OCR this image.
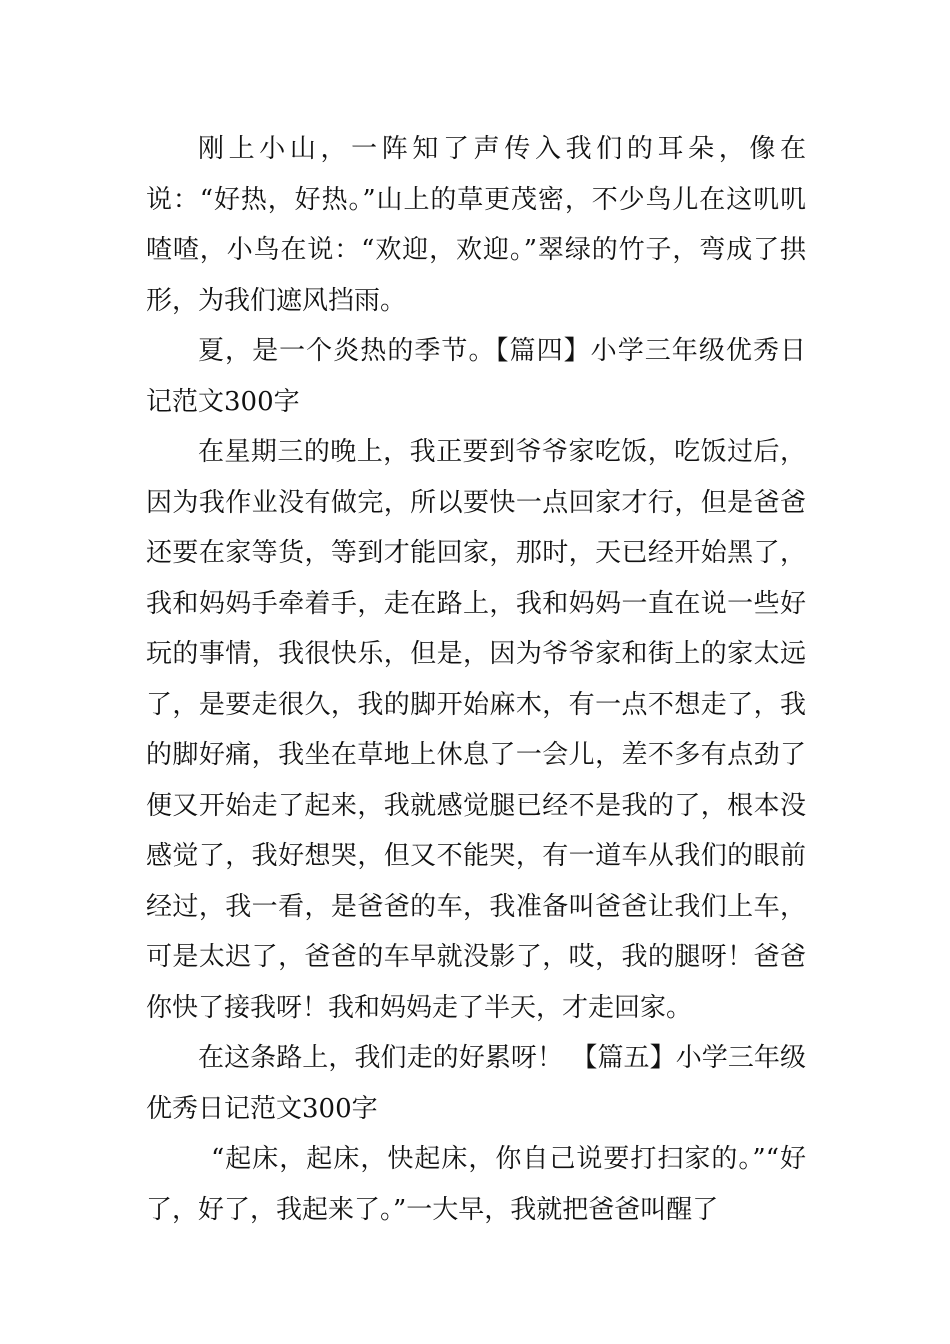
刚上小山，一阵知了声传入我们的耳朵，像在说：“好热，好热。”山上的草更茂密，不少鸟儿在这叽叽喳喳，小鸟在说：“欢迎，欢迎。”翠绿的竹子，弯成了拱形，为我们遮风挡雨。

夏，是一个炎热的季节。【篇四】小学三年级优秀日记范文300字

在星期三的晚上，我正要到爷爷家吃饭，吃饭过后，因为我作业没有做完，所以要快一点回家才行，但是爸爸还要在家等货，等到才能回家，那时，天已经开始黑了，我和妈妈手牵着手，走在路上，我和妈妈一直在说一些好玩的事情，我很快乐，但是，因为爷爷家和街上的家太远了，是要走很久，我的脚开始麻木，有一点不想走了，我的脚好痛，我坐在草地上休息了一会儿，差不多有点劲了便又开始走了起来，我就感觉腿已经不是我的了，根本没感觉了，我好想哭，但又不能哭，有一道车从我们的眼前经过，我一看，是爸爸的车，我准备叫爸爸让我们上车，可是太迟了，爸爸的车早就没影了，哎，我的腿呀！爸爸你快了接我呀！我和妈妈走了半天，才走回家。

在这条路上，我们走的好累呀！ 【篇五】小学三年级优秀日记范文300字

“起床，起床，快起床，你自己说要打扫家的。”“好了，好了，我起来了。”一大早，我就把爸爸叫醒了
